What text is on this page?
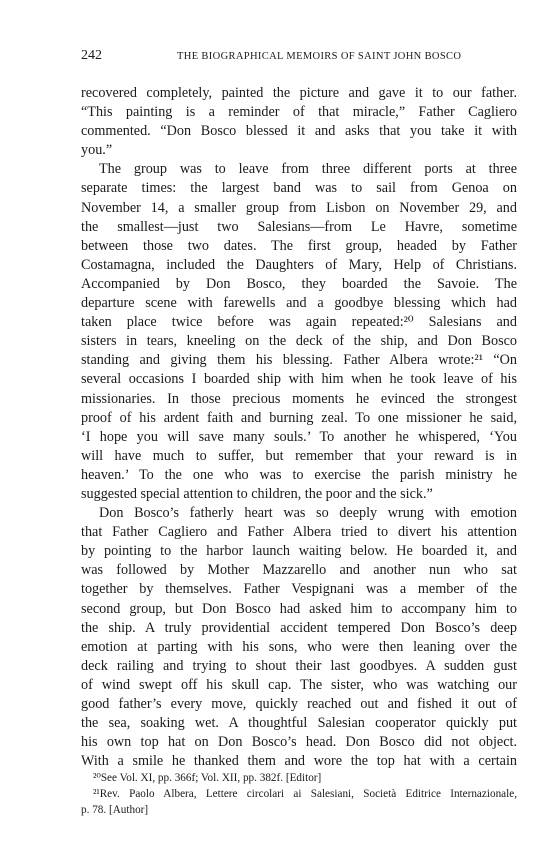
242	THE BIOGRAPHICAL MEMOIRS OF SAINT JOHN BOSCO
recovered completely, painted the picture and gave it to our father.
“This painting is a reminder of that miracle,” Father Cagliero
commented. “Don Bosco blessed it and asks that you take it with
you.”
The group was to leave from three different ports at three
separate times: the largest band was to sail from Genoa on
November 14, a smaller group from Lisbon on November 29, and
the smallest—just two Salesians—from Le Havre, sometime
between those two dates. The first group, headed by Father
Costamagna, included the Daughters of Mary, Help of Christians.
Accompanied by Don Bosco, they boarded the Savoie. The
departure scene with farewells and a goodbye blessing which had
taken place twice before was again repeated:²⁰ Salesians and
sisters in tears, kneeling on the deck of the ship, and Don Bosco
standing and giving them his blessing. Father Albera wrote:²¹ “On
several occasions I boarded ship with him when he took leave of his
missionaries. In those precious moments he evinced the strongest
proof of his ardent faith and burning zeal. To one missioner he said,
‘I hope you will save many souls.’ To another he whispered, ‘You
will have much to suffer, but remember that your reward is in
heaven.’ To the one who was to exercise the parish ministry he
suggested special attention to children, the poor and the sick.”
Don Bosco’s fatherly heart was so deeply wrung with emotion
that Father Cagliero and Father Albera tried to divert his attention
by pointing to the harbor launch waiting below. He boarded it, and
was followed by Mother Mazzarello and another nun who sat
together by themselves. Father Vespignani was a member of the
second group, but Don Bosco had asked him to accompany him to
the ship. A truly providential accident tempered Don Bosco’s deep
emotion at parting with his sons, who were then leaning over the
deck railing and trying to shout their last goodbyes. A sudden gust
of wind swept off his skull cap. The sister, who was watching our
good father’s every move, quickly reached out and fished it out of
the sea, soaking wet. A thoughtful Salesian cooperator quickly put
his own top hat on Don Bosco’s head. Don Bosco did not object.
With a smile he thanked them and wore the top hat with a certain
²⁰See Vol. XI, pp. 366f; Vol. XII, pp. 382f. [Editor]
²¹Rev. Paolo Albera, Lettere circolari ai Salesiani, Società Editrice Internazionale,
p. 78. [Author]
